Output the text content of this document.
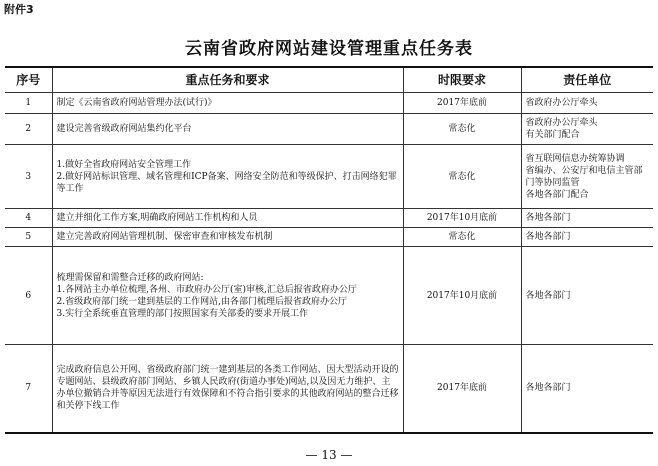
附件3
云南省政府网站建设管理重点任务表
序号	重点任务和要求	时限要求	责任单位
1	制定《云南省政府网站管理办法(试行)》	2017年底前	省政府办公厅牵头

2	建设完善省级政府网站集约化平台	常态化	省政府办公厅牵头
有关部门配合

3	1.做好全省政府网站安全管理工作
2.做好网站标识管理、域名管理和ICP备案、网络安全防范和等级保护、打击网络犯罪等工作	常态化	省互联网信息办统筹协调
省编办、公安厅和电信主管部门等协同监管
各地各部门配合

4	建立并细化工作方案,明确政府网站工作机构和人员	2017年10月底前	各地各部门

5	建立完善政府网站管理机制、保密审查和审核发布机制	常态化	各地各部门

6	梳理需保留和需整合迁移的政府网站:
1.各网站主办单位梳理,各州、市政府办公厅(室)审核,汇总后报省政府办公厅
2.省级政府部门统一建到基层的工作网站,由各部门梳理后报省政府办公厅
3.实行全系统垂直管理的部门按照国家有关部委的要求开展工作	2017年10月底前	各地各部门

7	完成政府信息公开网、省级政府部门统一建到基层的各类工作网站、因大型活动开设的专题网站、县级政府部门网站、乡镇人民政府(街道办事处)网站,以及因无力维护、主办单位撤销合并等原因无法进行有效保障和不符合指引要求的其他政府网站的整合迁移和关停下线工作	2017年底前	各地各部门
— 13 —
